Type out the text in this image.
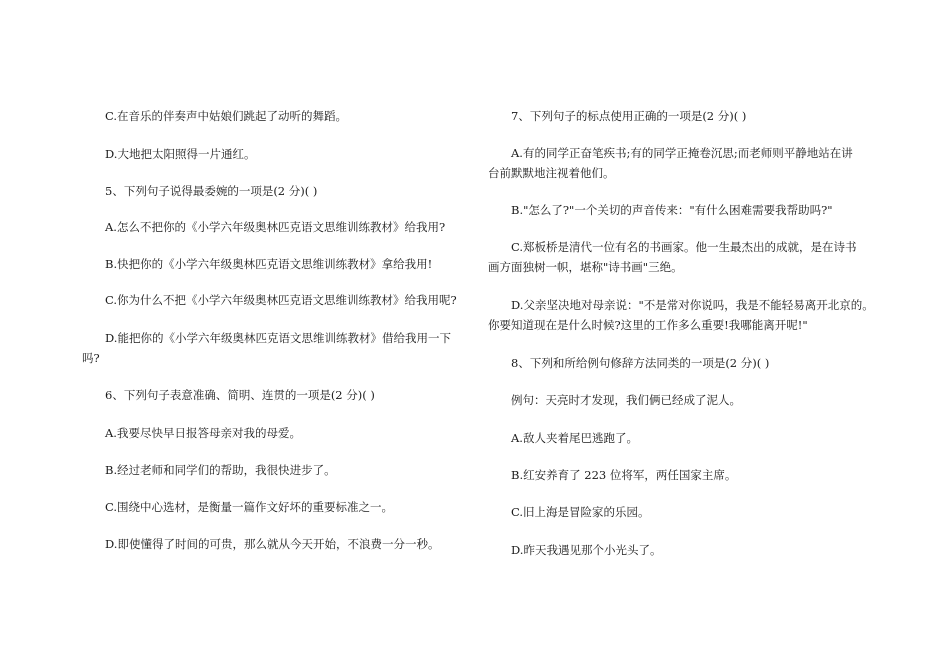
C.在音乐的伴奏声中姑娘们跳起了动听的舞蹈。
D.大地把太阳照得一片通红。
5、下列句子说得最委婉的一项是(2 分)( )
A.怎么不把你的《小学六年级奥林匹克语文思维训练教材》给我用?
B.快把你的《小学六年级奥林匹克语文思维训练教材》拿给我用!
C.你为什么不把《小学六年级奥林匹克语文思维训练教材》给我用呢?
D.能把你的《小学六年级奥林匹克语文思维训练教材》借给我用一下
吗?
6、下列句子表意准确、简明、连贯的一项是(2 分)( )
A.我要尽快早日报答母亲对我的母爱。
B.经过老师和同学们的帮助，我很快进步了。
C.围绕中心选材，是衡量一篇作文好坏的重要标准之一。
D.即使懂得了时间的可贵，那么就从今天开始，不浪费一分一秒。
7、下列句子的标点使用正确的一项是(2 分)( )
A.有的同学正奋笔疾书;有的同学正掩卷沉思;而老师则平静地站在讲
台前默默地注视着他们。
B."怎么了?"一个关切的声音传来："有什么困难需要我帮助吗?"
C.郑板桥是清代一位有名的书画家。他一生最杰出的成就，是在诗书
画方面独树一帜，堪称"诗书画"三绝。
D.父亲坚决地对母亲说："不是常对你说吗，我是不能轻易离开北京的。
你要知道现在是什么时候?这里的工作多么重要!我哪能离开呢!"
8、下列和所给例句修辞方法同类的一项是(2 分)( )
例句：天亮时才发现，我们俩已经成了泥人。
A.敌人夹着尾巴逃跑了。
B.红安养育了 223 位将军，两任国家主席。
C.旧上海是冒险家的乐园。
D.昨天我遇见那个小光头了。
